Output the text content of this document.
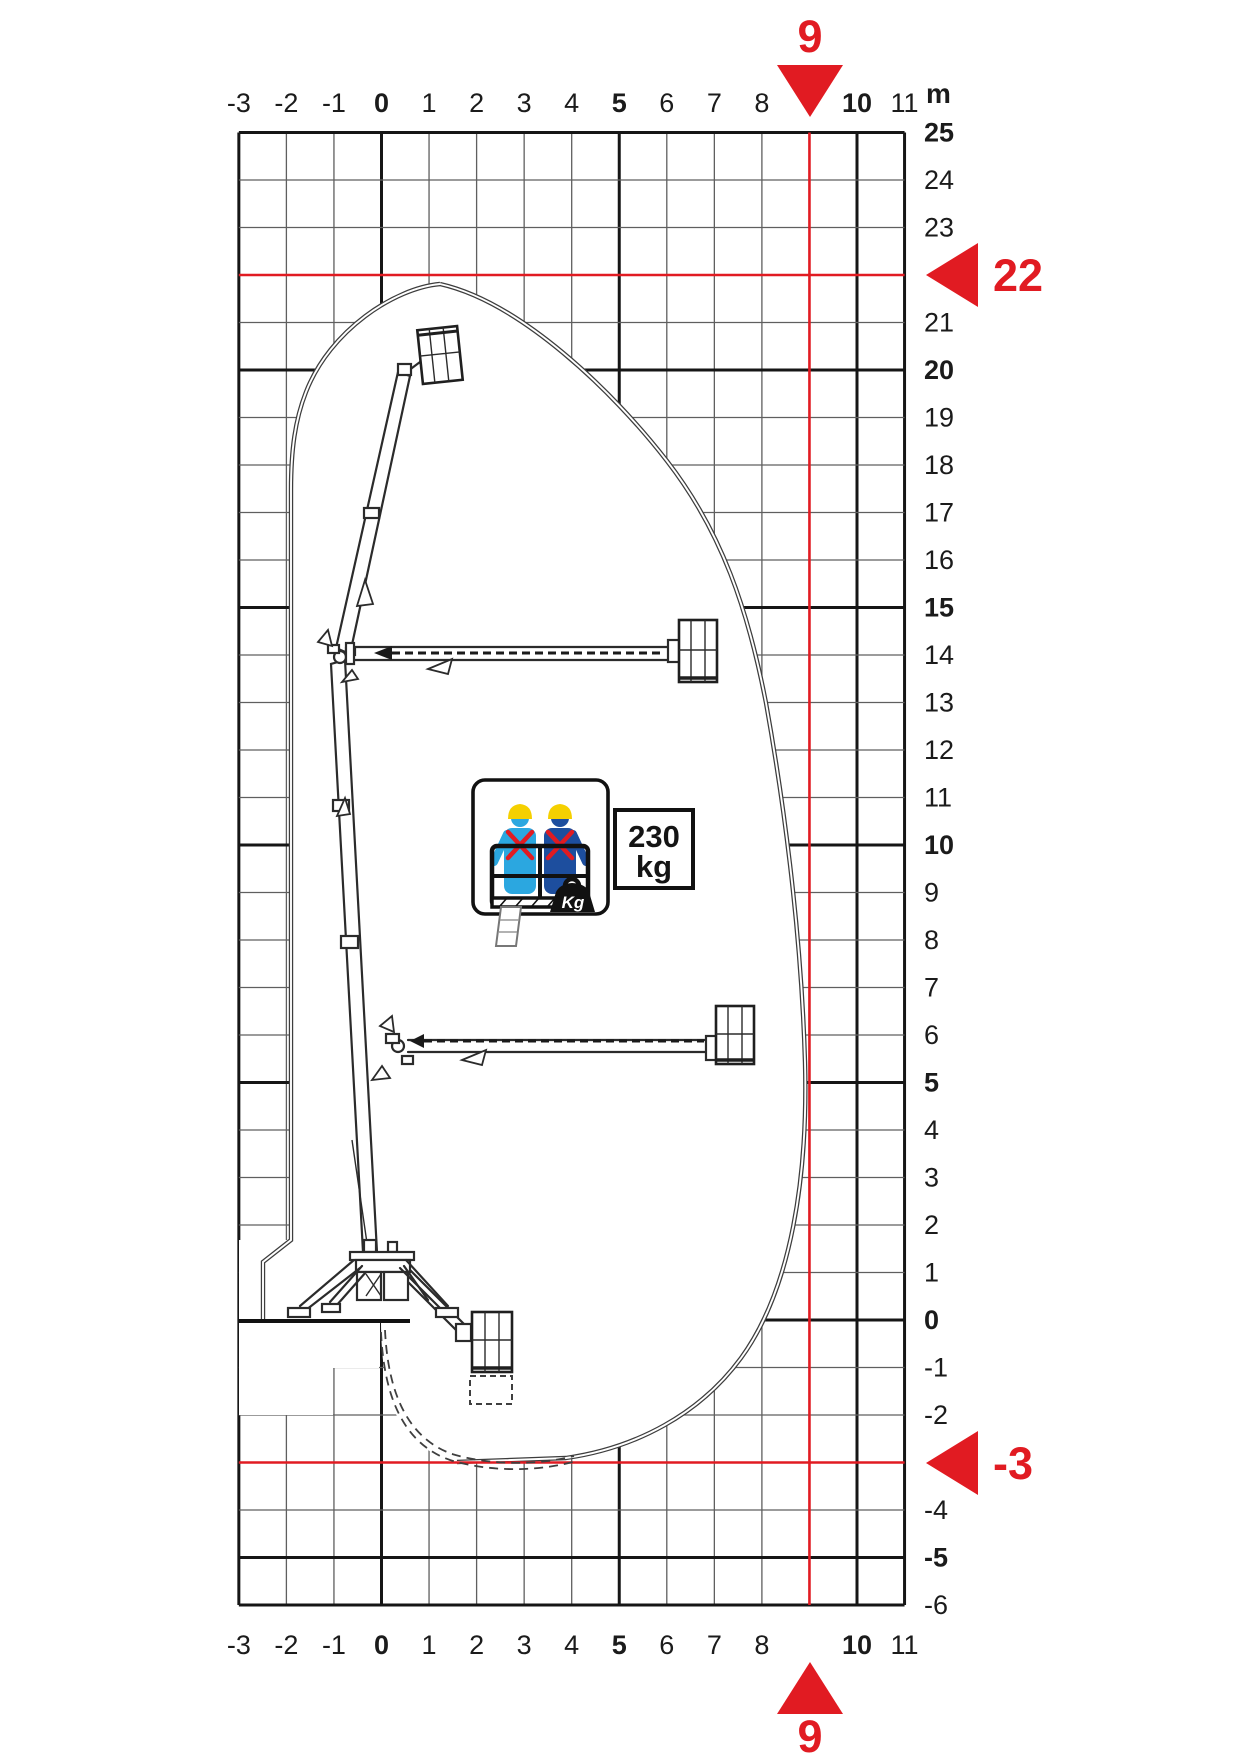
Kg
230
kg
-3 -2 -1 0 1 2 3 4 5 6 7 8	10 11
-3 -2 -1 0 1 2 3 4 5 6 7 8	10 11
25
24
23
21
20
19
18
17
16
15
14
13
12
11
10
9
8
7
6
5
4
3
2
1
0
-1
-2
-4
-5
-6
m
9
9
22
-3
